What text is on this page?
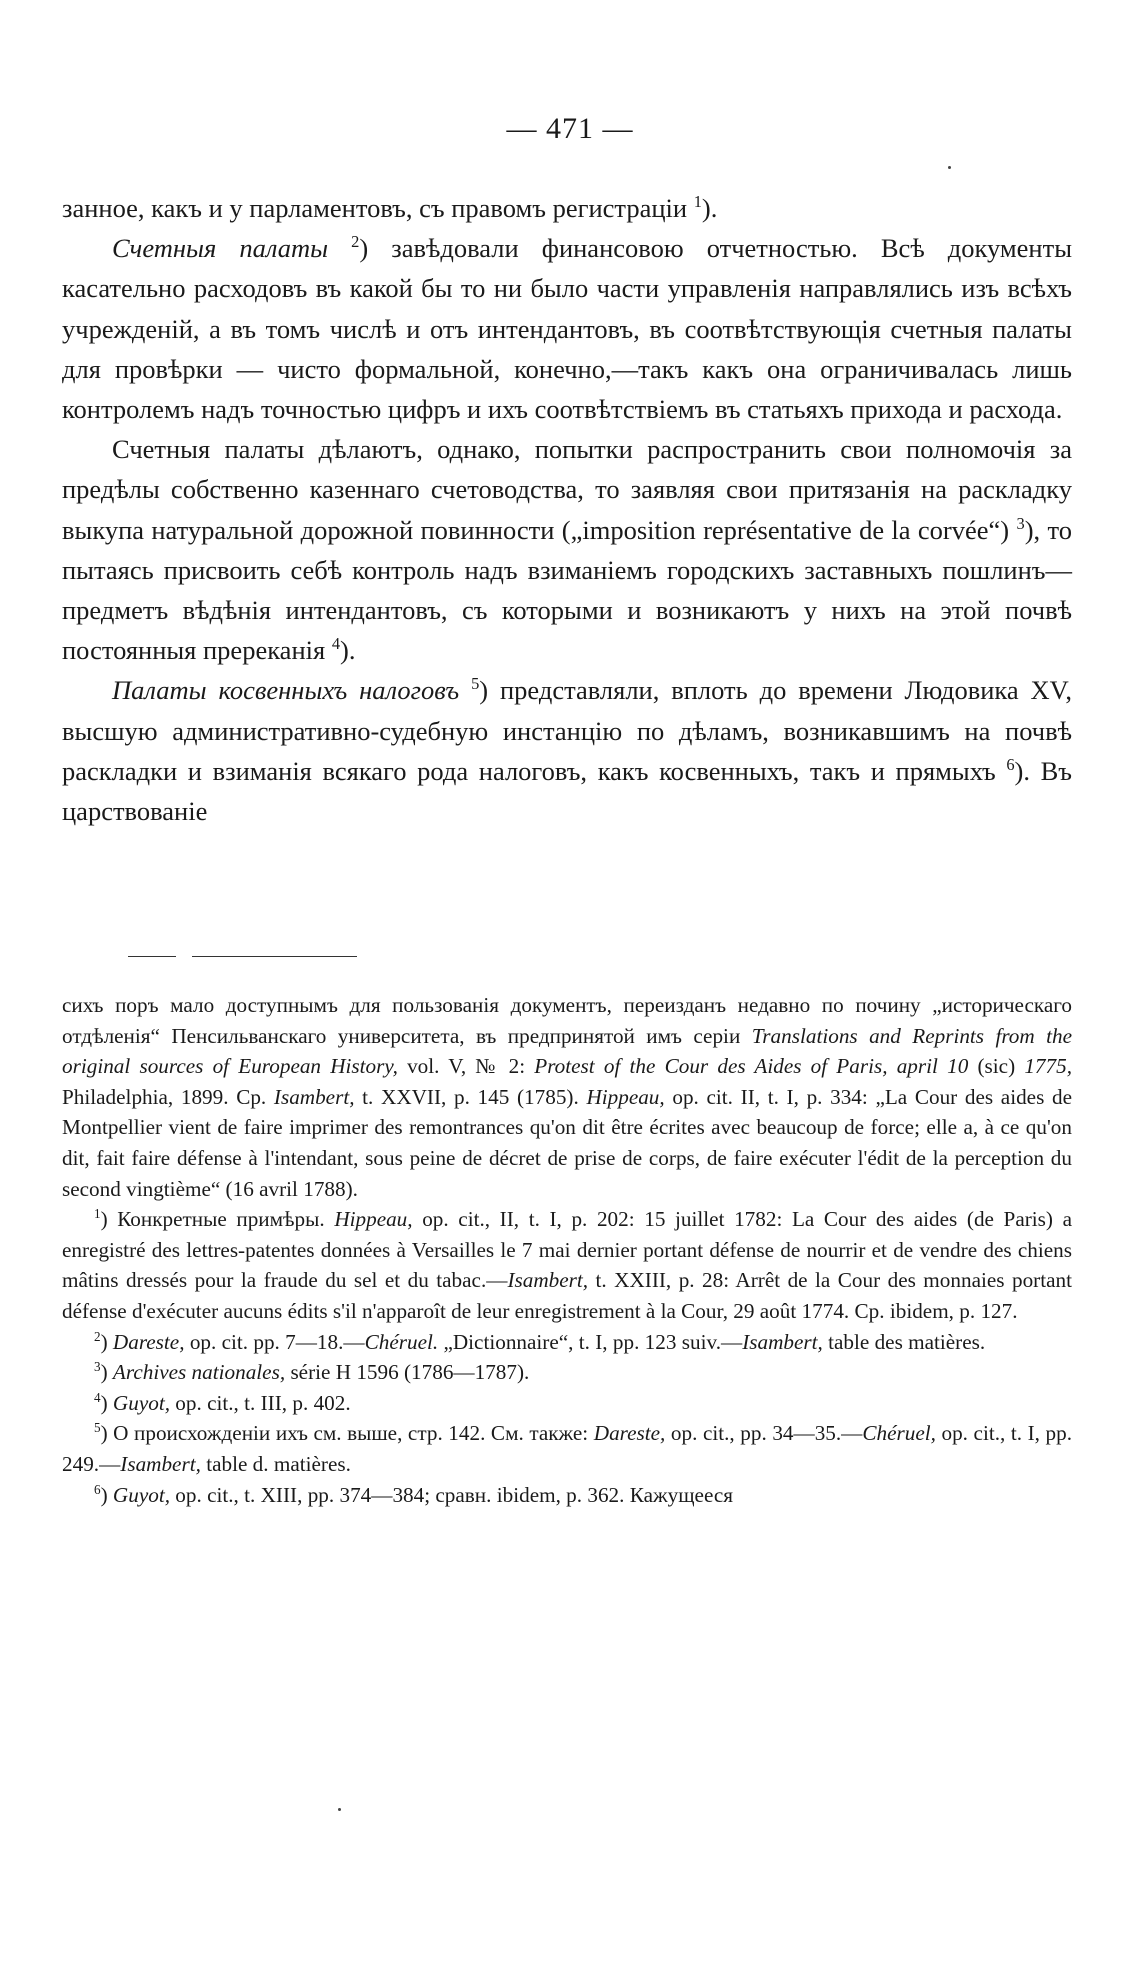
— 471 —

занное, какъ и у парламентовъ, съ правомъ регистраціи $^1$).

Счетныя палаты $^2$) завѣдовали финансовою отчетностью. Всѣ документы касательно расходовъ въ какой бы то ни было части управленія направлялись изъ всѣхъ учрежденій, а въ томъ числѣ и отъ интендантовъ, въ соотвѣтствующія счетныя палаты для провѣрки — чисто формальной, конечно,—такъ какъ она ограничивалась лишь контролемъ надъ точностью цифръ и ихъ соотвѣтствіемъ въ статьяхъ прихода и расхода.

Счетныя палаты дѣлаютъ, однако, попытки распространить свои полномочія за предѣлы собственно казеннаго счетоводства, то заявляя свои притязанія на раскладку выкупа натуральной дорожной повинности („imposition représentative de la corvée“) $^3$), то пытаясь присвоить себѣ контроль надъ взиманіемъ городскихъ заставныхъ пошлинъ—предметъ вѣдѣнія интендантовъ, съ которыми и возникаютъ у нихъ на этой почвѣ постоянныя пререканія $^4$).

Палаты косвенныхъ налоговъ $^5$) представляли, вплоть до времени Людовика XV, высшую административно-судебную инстанцію по дѣламъ, возникавшимъ на почвѣ раскладки и взиманія всякаго рода налоговъ, какъ косвенныхъ, такъ и прямыхъ $^6$). Въ царствованіе

сихъ поръ мало доступнымъ для пользованія документъ, переизданъ недавно по почину „историческаго отдѣленія“ Пенсильванскаго университета, въ предпринятой имъ серіи Translations and Reprints from the original sources of European History, vol. V, № 2: Protest of the Cour des Aides of Paris, april 10 (sic) 1775, Philadelphia, 1899. Ср. Isambert, t. XXVII, p. 145 (1785). Hippeau, op. cit. II, t. I, p. 334: „La Cour des aides de Montpellier vient de faire imprimer des remontrances qu'on dit être écrites avec beaucoup de force; elle a, à ce qu'on dit, fait faire défense à l'intendant, sous peine de décret de prise de corps, de faire exécuter l'édit de la perception du second vingtième“ (16 avril 1788).

$^1$) Конкретные примѣры. Hippeau, op. cit., II, t. I, p. 202: 15 juillet 1782: La Cour des aides (de Paris) a enregistré des lettres-patentes données à Versailles le 7 mai dernier portant défense de nourrir et de vendre des chiens mâtins dressés pour la fraude du sel et du tabac.—Isambert, t. XXIII, p. 28: Arrêt de la Cour des monnaies portant défense d'exécuter aucuns édits s'il n'apparoît de leur enregistrement à la Cour, 29 août 1774. Ср. ibidem, p. 127.

$^2$) Dareste, op. cit. pp. 7—18.—Chéruel. „Dictionnaire“, t. I, pp. 123 suiv.—Isambert, table des matières.

$^3$) Archives nationales, série H 1596 (1786—1787).

$^4$) Guyot, op. cit., t. III, p. 402.

$^5$) О происхожденіи ихъ см. выше, стр. 142. См. также: Dareste, op. cit., pp. 34—35.—Chéruel, op. cit., t. I, pp. 249.—Isambert, table d. matières.

$^6$) Guyot, op. cit., t. XIII, pp. 374—384; сравн. ibidem, p. 362. Кажущееся
